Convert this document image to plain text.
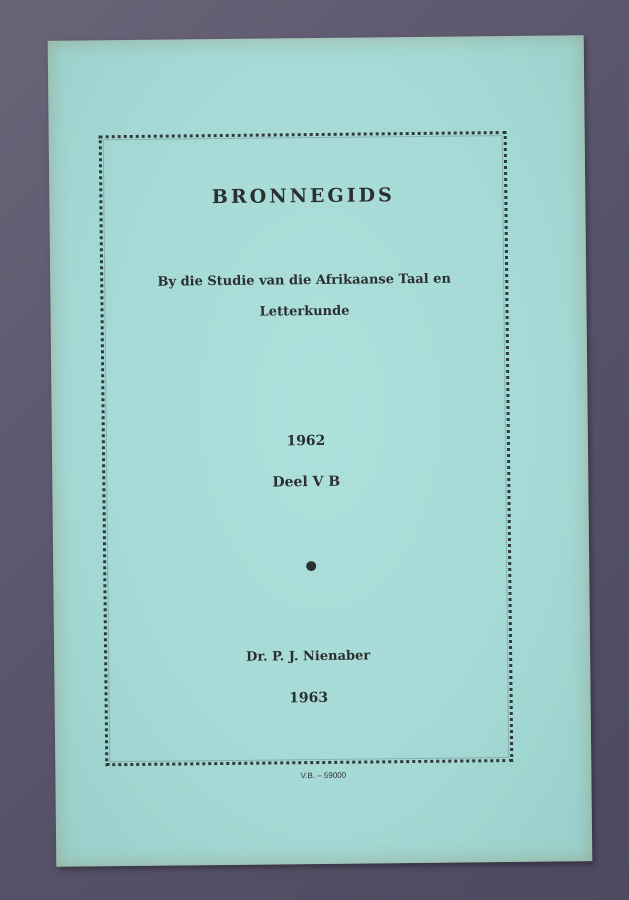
BRONNEGIDS
By die Studie van die Afrikaanse Taal en
Letterkunde
1962
Deel V B
Dr. P. J. Nienaber
1963
V.B. – 59000
